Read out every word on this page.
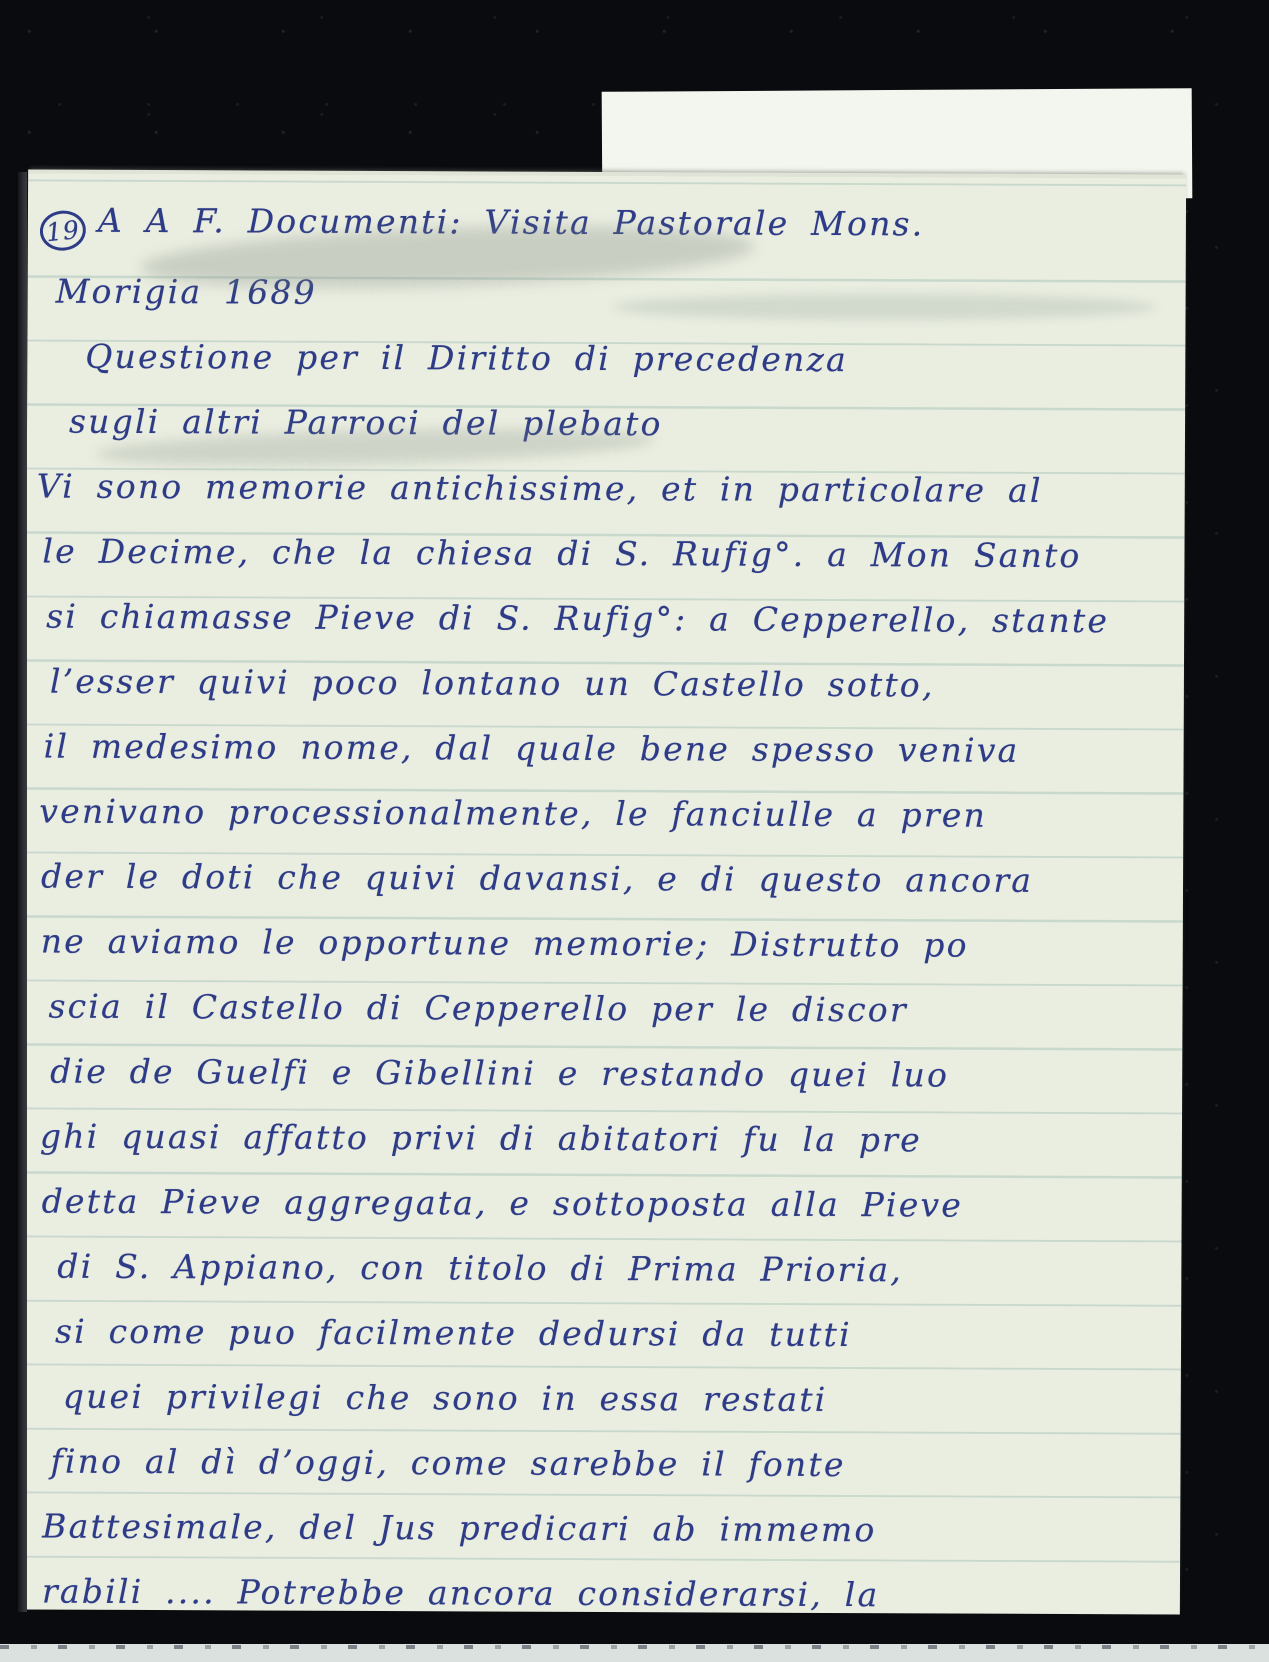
19 A A F. Documenti: Visita Pastorale Mons.
Morigia 1689
Questione per il Diritto di precedenza
sugli altri Parroci del plebato
Vi sono memorie antichissime, et in particolare al
le Decime, che la chiesa di S. Rufig°. a Mon Santo
si chiamasse Pieve di S. Rufig°: a Cepperello, stante
l’esser quivi poco lontano un Castello sotto,
il medesimo nome, dal quale bene spesso veniva
venivano processionalmente, le fanciulle a pren
der le doti che quivi davansi, e di questo ancora
ne aviamo le opportune memorie; Distrutto po
scia il Castello di Cepperello per le discor
die de Guelfi e Gibellini e restando quei luo
ghi quasi affatto privi di abitatori fu la pre
detta Pieve aggregata, e sottoposta alla Pieve
di S. Appiano, con titolo di Prima Prioria,
si come puo facilmente dedursi da tutti
quei privilegi che sono in essa restati
fino al dì d’oggi, come sarebbe il fonte
Battesimale, del Jus predicari ab immemo
rabili .... Potrebbe ancora considerarsi, la
